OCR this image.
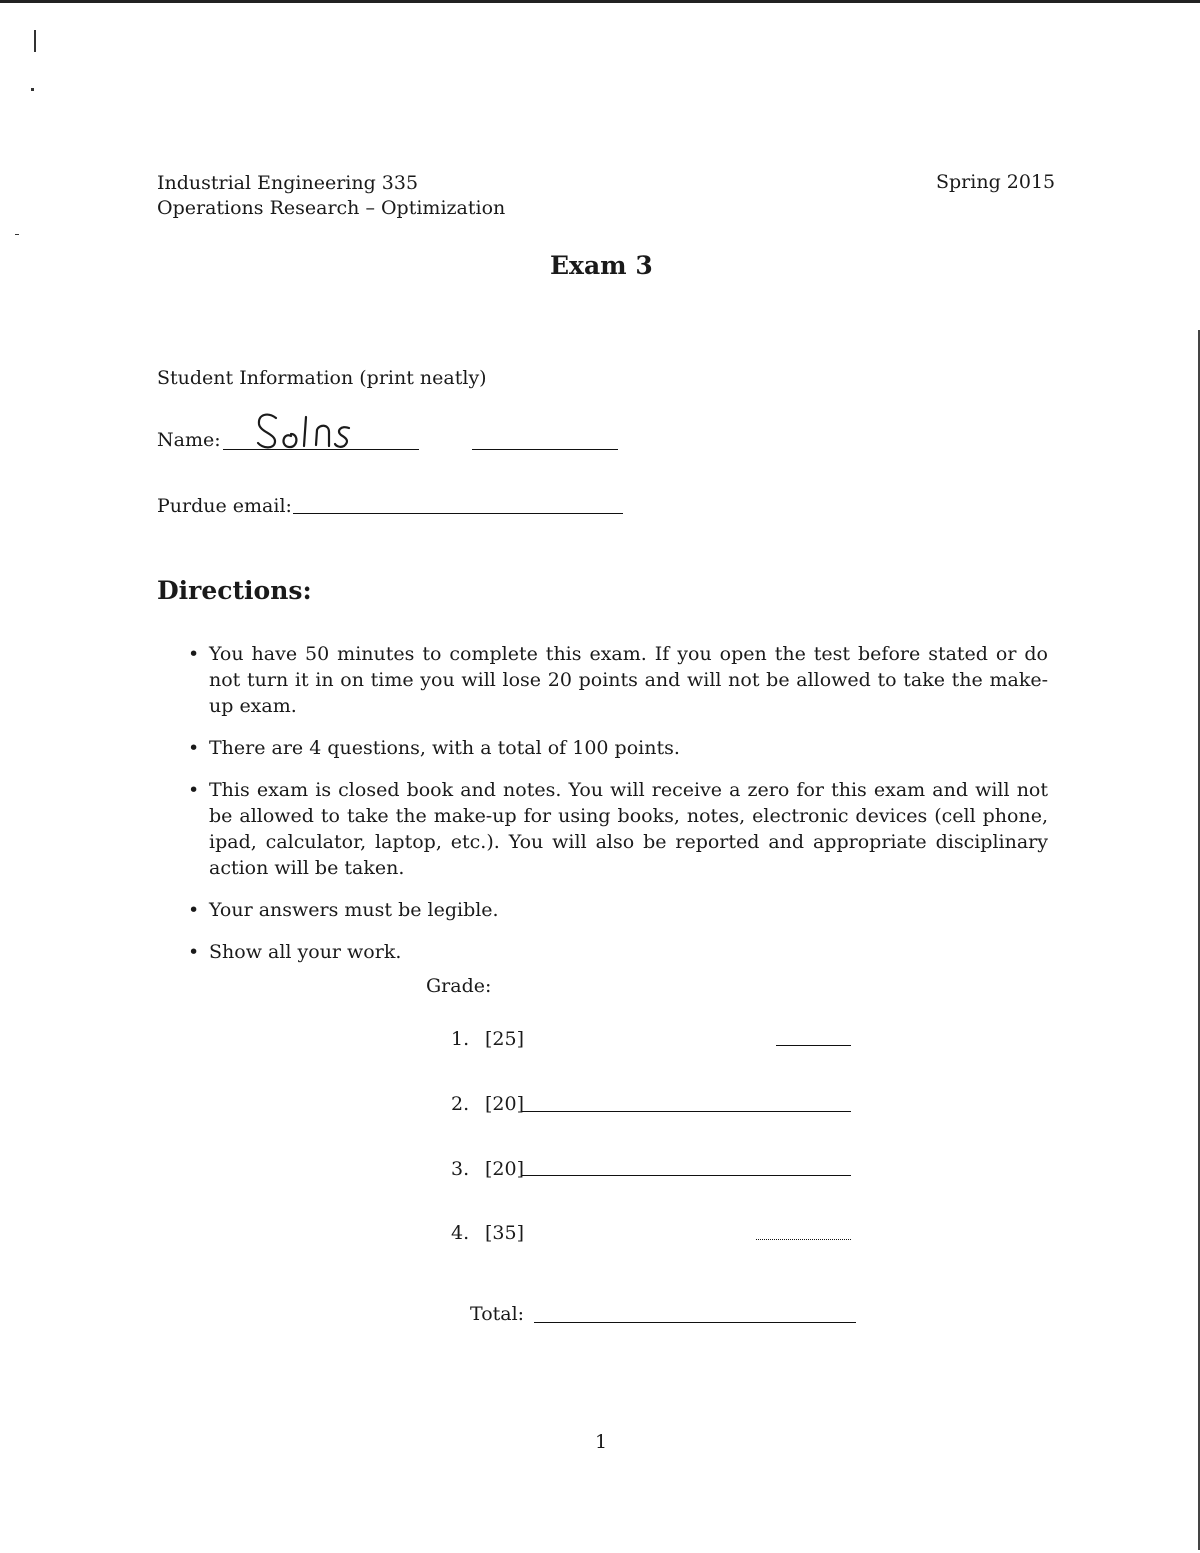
Industrial Engineering 335
Operations Research – Optimization
Spring 2015
Exam 3
Student Information (print neatly)
Name:
Purdue email:
Directions:
• You have 50 minutes to complete this exam. If you open the test before stated or do not turn it in on time you will lose 20 points and will not be allowed to take the make-up exam.
• There are 4 questions, with a total of 100 points.
• This exam is closed book and notes. You will receive a zero for this exam and will not be allowed to take the make-up for using books, notes, electronic devices (cell phone, ipad, calculator, laptop, etc.). You will also be reported and appropriate disciplinary action will be taken.
• Your answers must be legible.
• Show all your work.
Grade:
1. [25]
2. [20]
3. [20]
4. [35]
Total:
1
